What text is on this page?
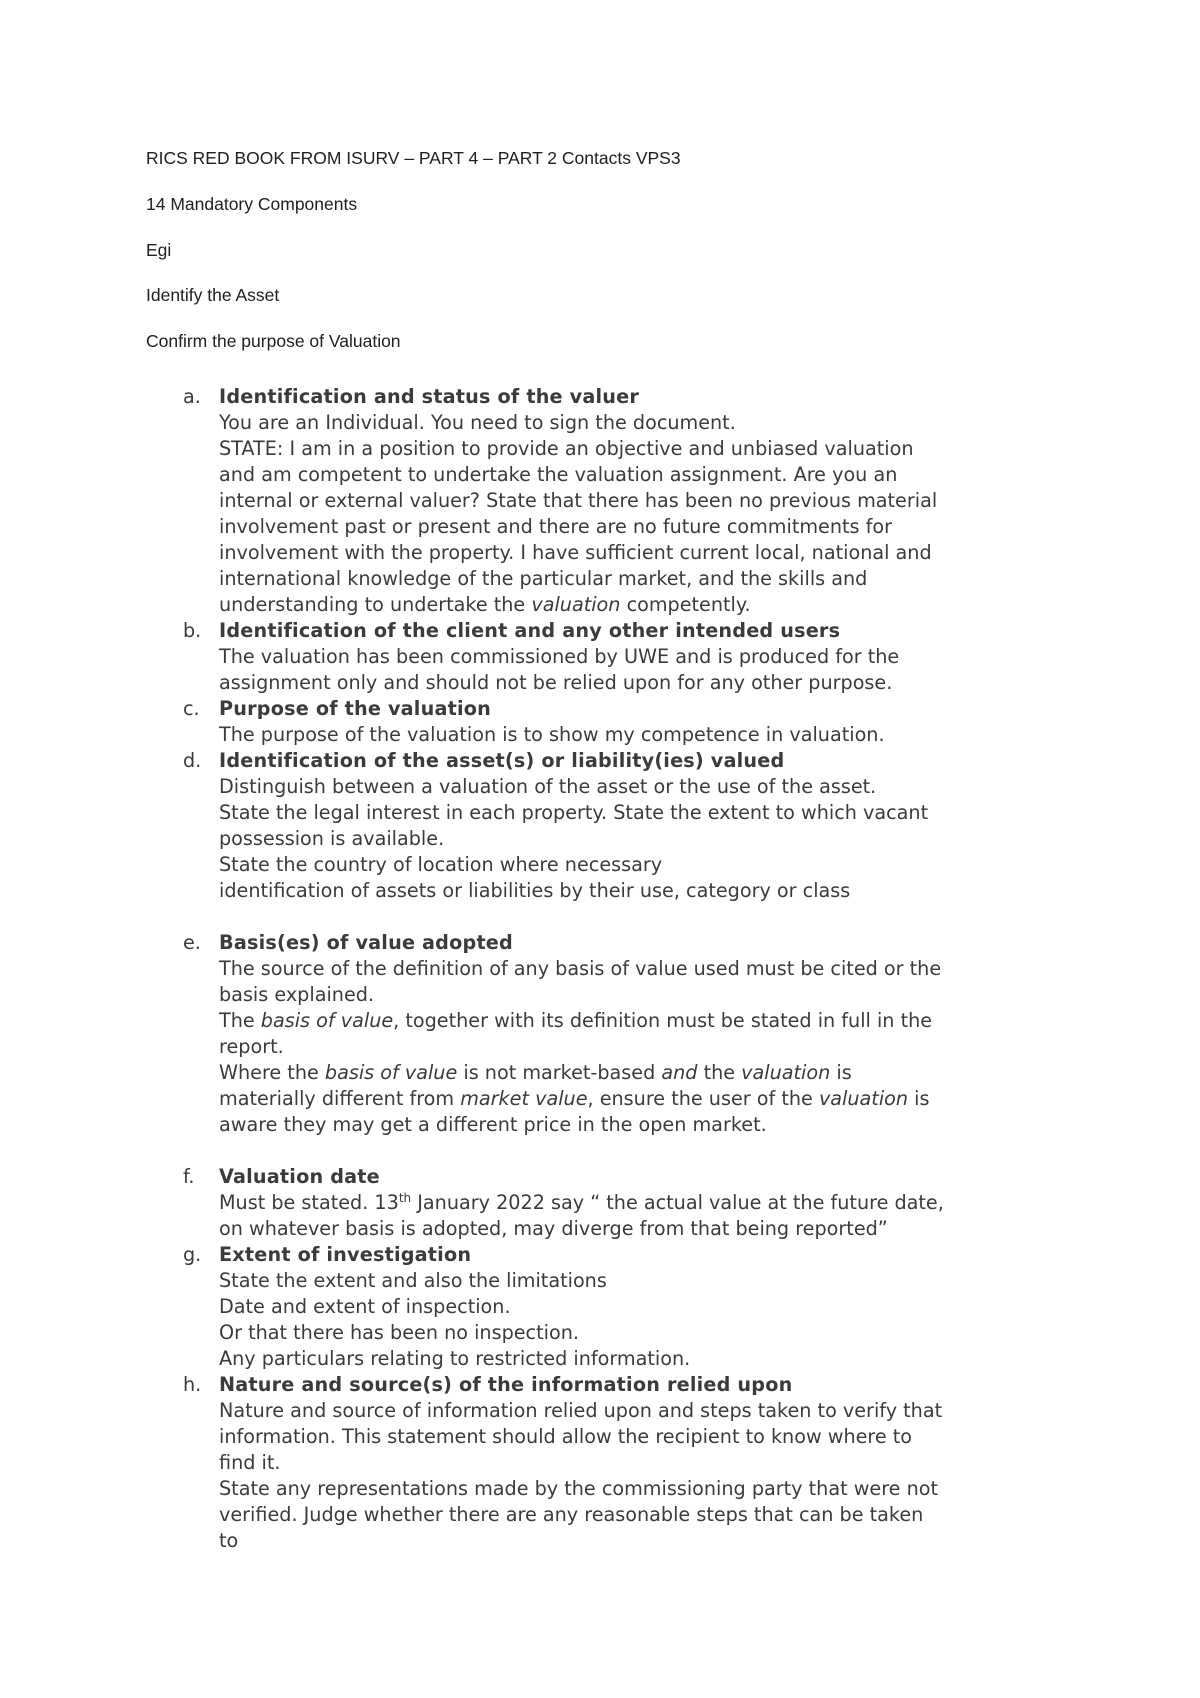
RICS RED BOOK FROM ISURV – PART 4 – PART 2 Contacts VPS3
14 Mandatory Components
Egi
Identify the Asset
Confirm the purpose of Valuation
a. Identification and status of the valuer
You are an Individual. You need to sign the document.
STATE: I am in a position to provide an objective and unbiased valuation
and am competent to undertake the valuation assignment. Are you an
internal or external valuer? State that there has been no previous material
involvement past or present and there are no future commitments for
involvement with the property. I have sufficient current local, national and
international knowledge of the particular market, and the skills and
understanding to undertake the valuation competently.
b. Identification of the client and any other intended users
The valuation has been commissioned by UWE and is produced for the
assignment only and should not be relied upon for any other purpose.
c. Purpose of the valuation
The purpose of the valuation is to show my competence in valuation.
d. Identification of the asset(s) or liability(ies) valued
Distinguish between a valuation of the asset or the use of the asset.
State the legal interest in each property. State the extent to which vacant
possession is available.
State the country of location where necessary
identification of assets or liabilities by their use, category or class
e. Basis(es) of value adopted
The source of the definition of any basis of value used must be cited or the
basis explained.
The basis of value, together with its definition must be stated in full in the
report.
Where the basis of value is not market-based and the valuation is
materially different from market value, ensure the user of the valuation is
aware they may get a different price in the open market.
f. Valuation date
Must be stated. 13th January 2022 say “ the actual value at the future date,
on whatever basis is adopted, may diverge from that being reported”
g. Extent of investigation
State the extent and also the limitations
Date and extent of inspection.
Or that there has been no inspection.
Any particulars relating to restricted information.
h. Nature and source(s) of the information relied upon
Nature and source of information relied upon and steps taken to verify that
information. This statement should allow the recipient to know where to
find it.
State any representations made by the commissioning party that were not
verified. Judge whether there are any reasonable steps that can be taken
to
